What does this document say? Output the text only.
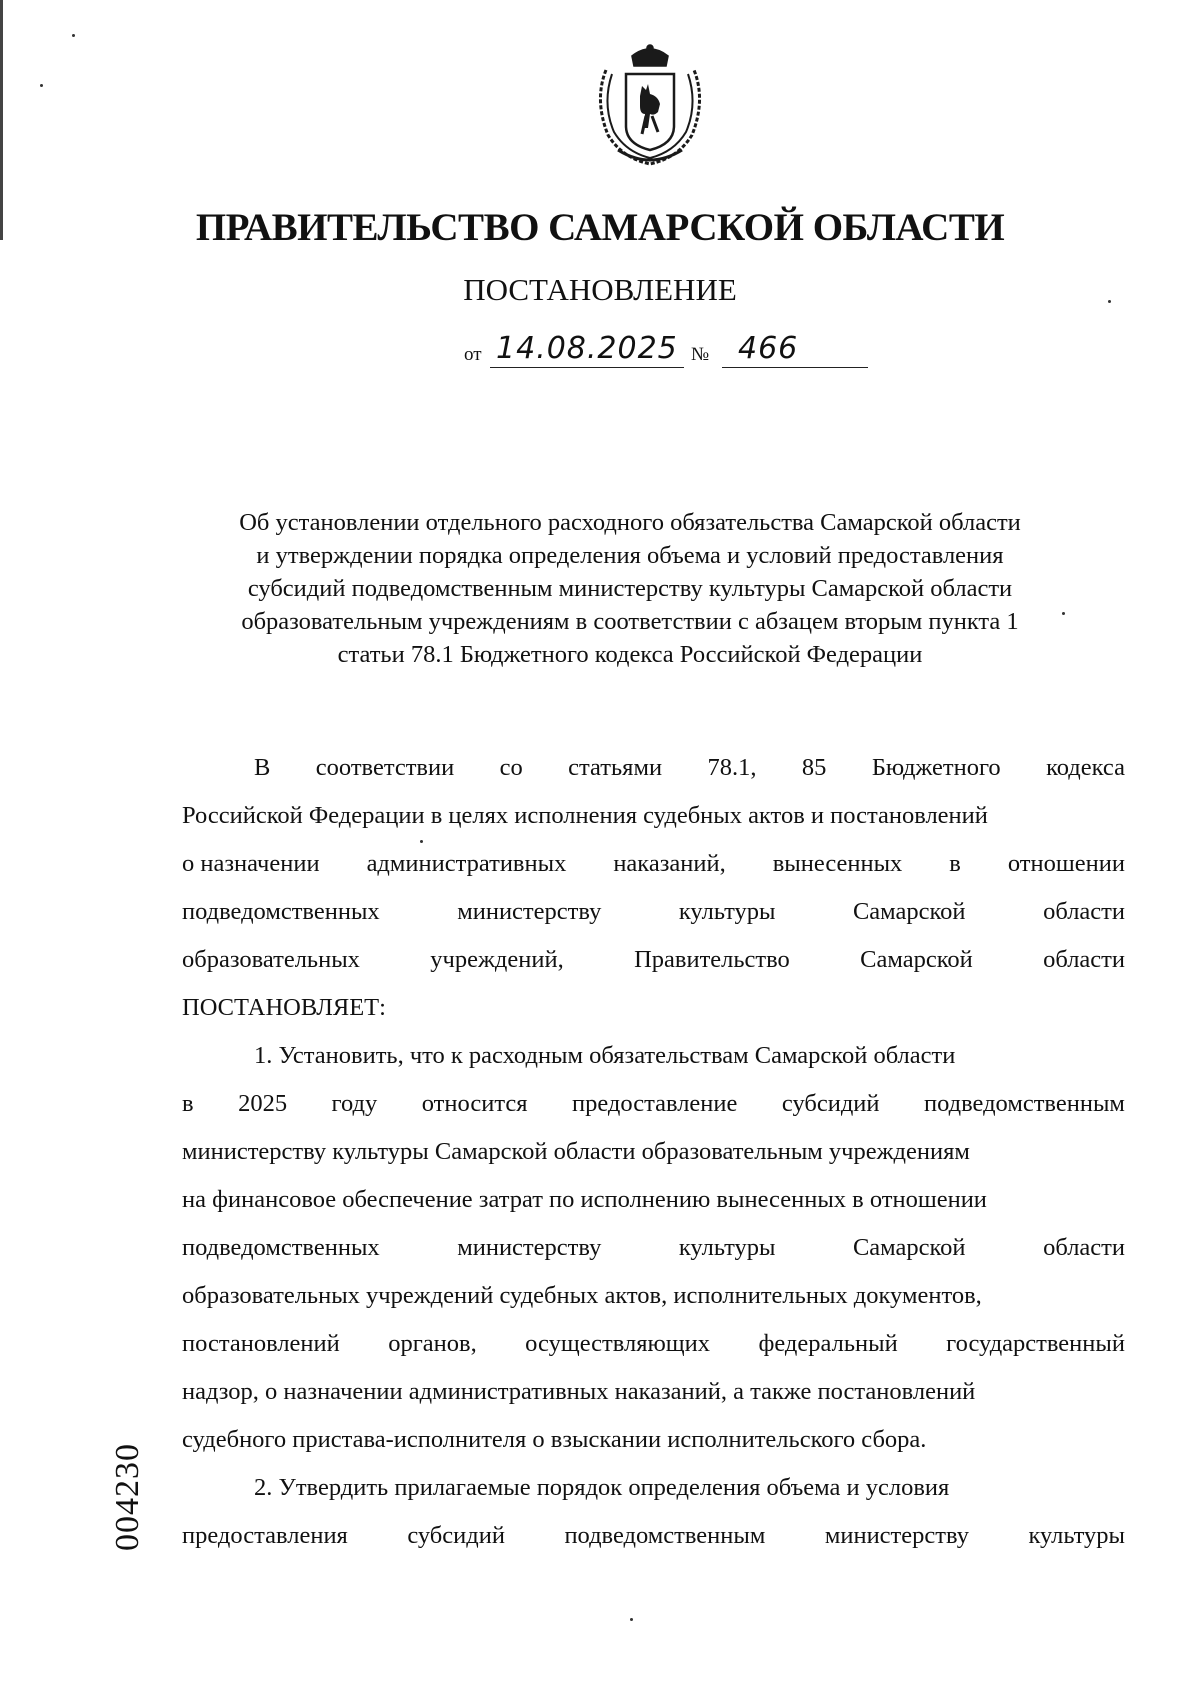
ПРАВИТЕЛЬСТВО САМАРСКОЙ ОБЛАСТИ
ПОСТАНОВЛЕНИЕ
от 14.08.2025 № 466
Об установлении отдельного расходного обязательства Самарской области
и утверждении порядка определения объема и условий предоставления
субсидий подведомственным министерству культуры Самарской области
образовательным учреждениям в соответствии с абзацем вторым пункта 1
статьи 78.1 Бюджетного кодекса Российской Федерации
В соответствии со статьями 78.1, 85 Бюджетного кодекса
Российской Федерации в целях исполнения судебных актов и постановлений
о назначении административных наказаний, вынесенных в отношении
подведомственных	министерству	культуры	Самарской	области
образовательных	учреждений,	Правительство	Самарской	области
ПОСТАНОВЛЯЕТ:
1. Установить, что к расходным обязательствам Самарской области
в 2025 году относится предоставление субсидий подведомственным
министерству культуры Самарской области образовательным учреждениям
на финансовое обеспечение затрат по исполнению вынесенных в отношении
подведомственных	министерству	культуры	Самарской	области
образовательных учреждений судебных актов, исполнительных документов,
постановлений органов, осуществляющих федеральный государственный
надзор, о назначении административных наказаний, а также постановлений
судебного пристава-исполнителя о взыскании исполнительского сбора.
2. Утвердить прилагаемые порядок определения объема и условия
предоставления субсидий подведомственным министерству культуры
004230
